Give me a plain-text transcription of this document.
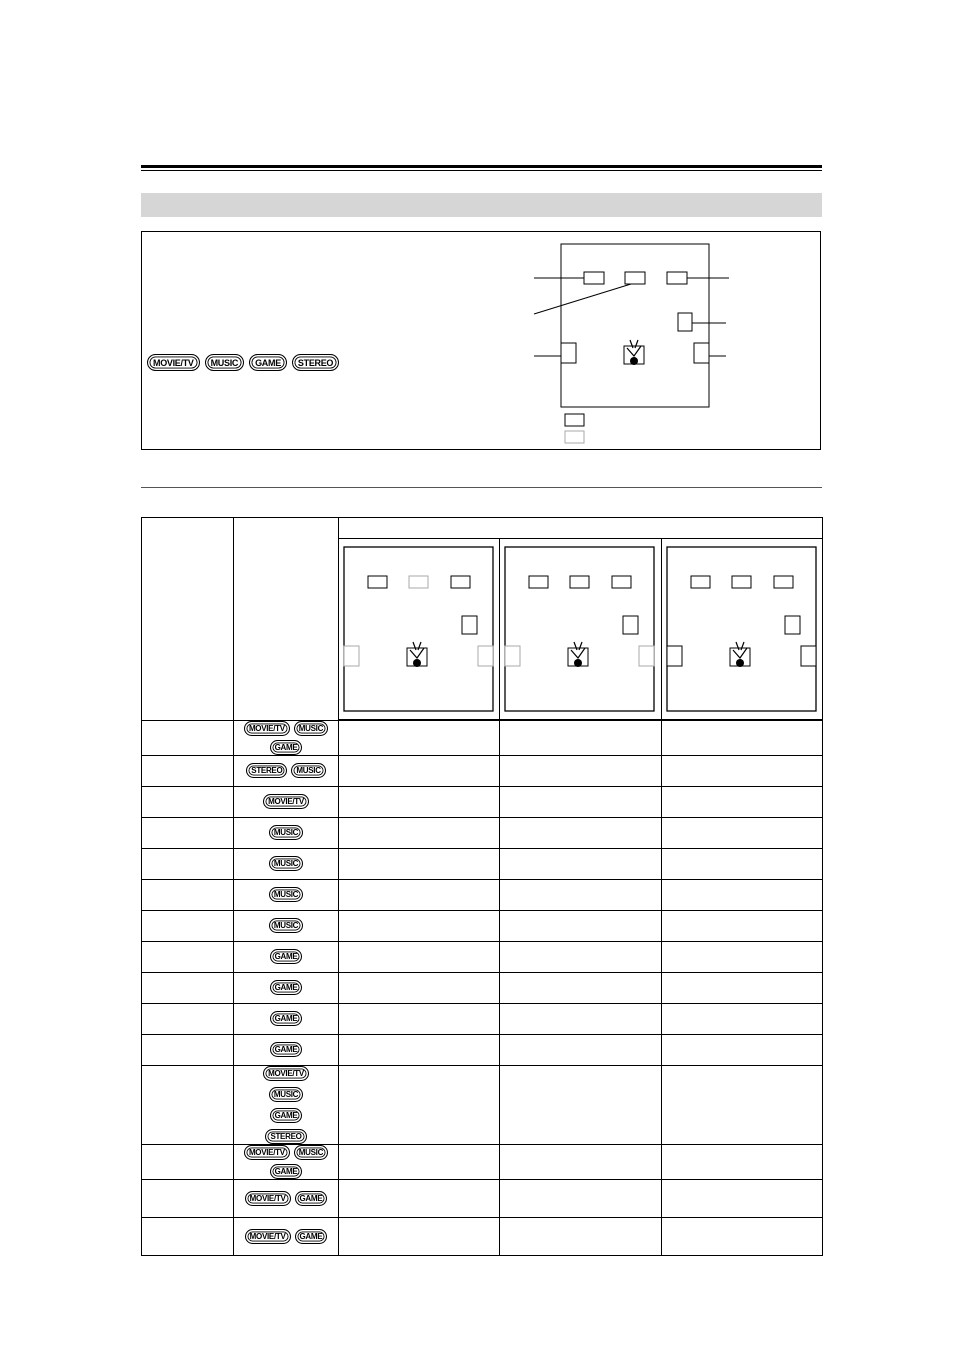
MOVIE/TV	MUSIC	GAME	STEREO

MOVIE/TV MUSIC
GAME			

STEREO MUSIC			

MOVIE/TV			

MUSIC			

MUSIC			

MUSIC			

MUSIC			

GAME			

GAME			

GAME			

GAME			

MOVIE/TV
MUSIC
GAME
STEREO			

MOVIE/TV MUSIC
GAME			

MOVIE/TV GAME			

MOVIE/TV GAME			
